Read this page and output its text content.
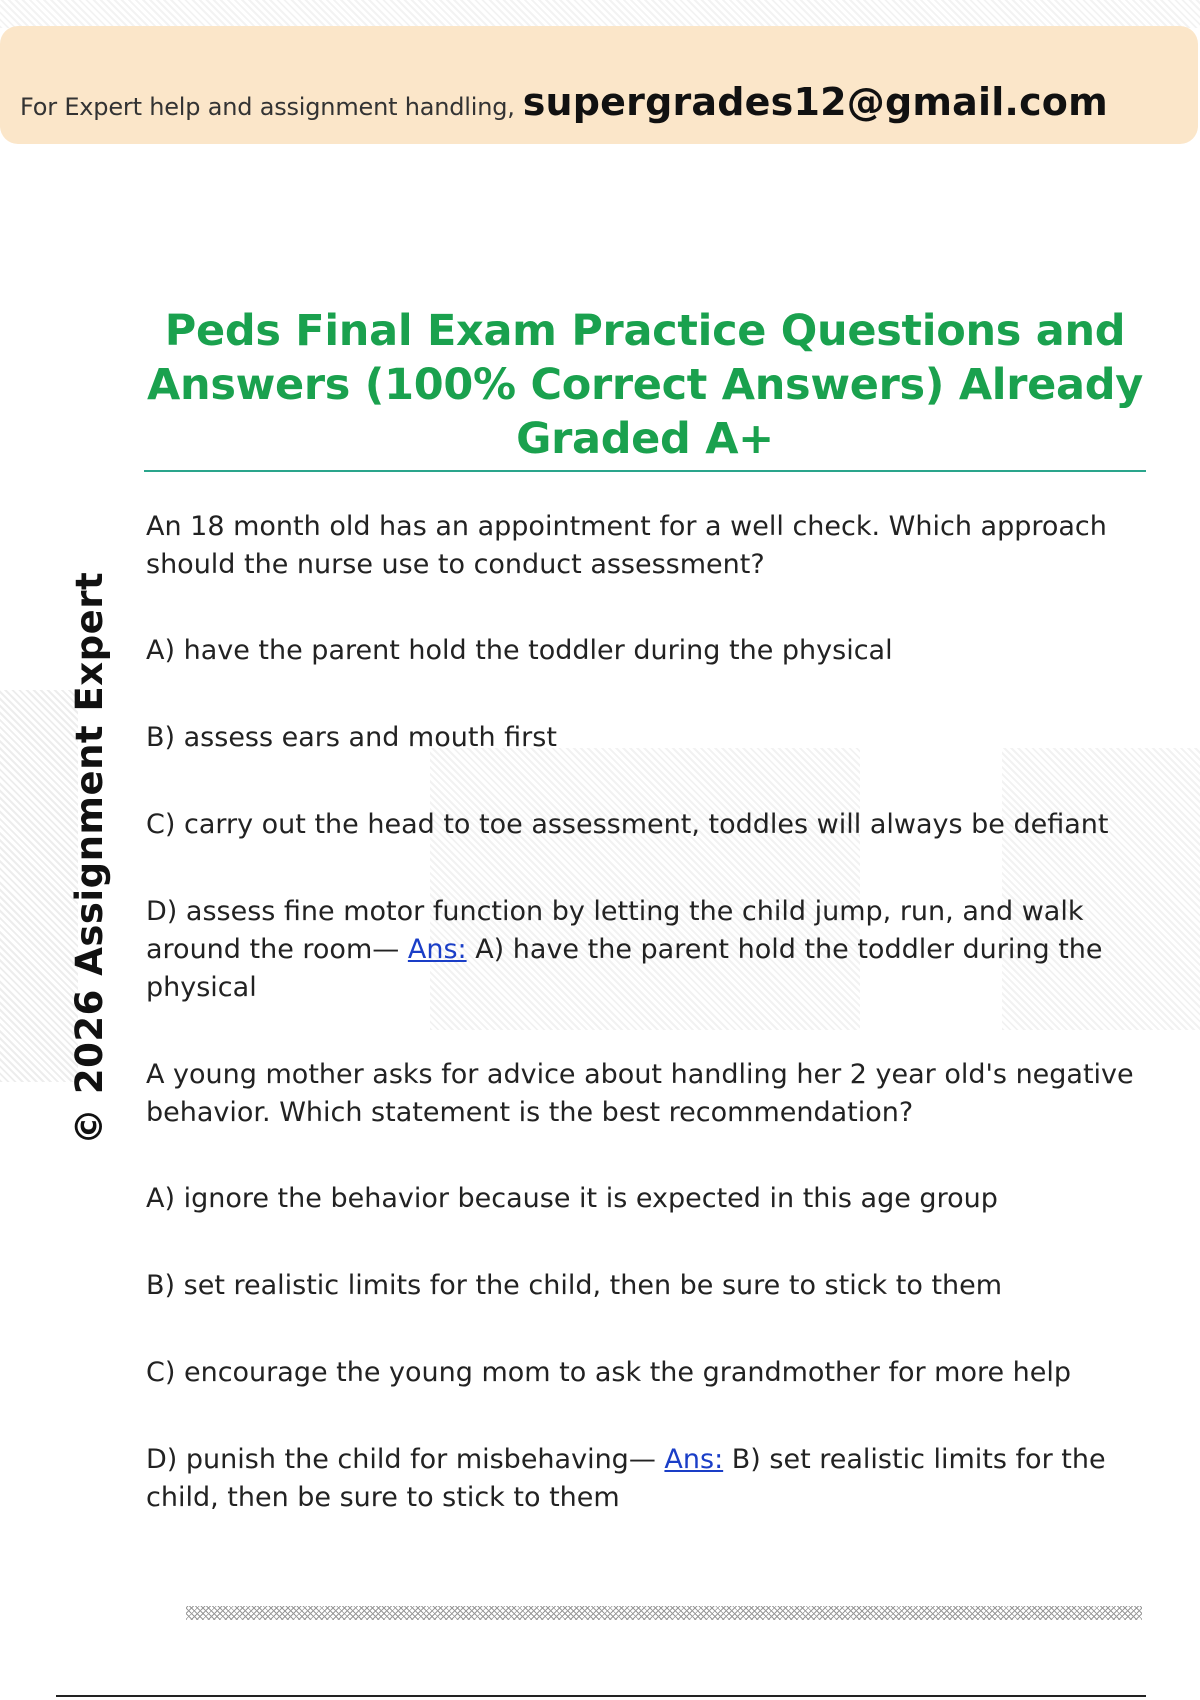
For Expert help and assignment handling, supergrades12@gmail.com
© 2026 Assignment Expert
Peds Final Exam Practice Questions and Answers (100% Correct Answers) Already Graded A+
An 18 month old has an appointment for a well check. Which approach should the nurse use to conduct assessment?
A) have the parent hold the toddler during the physical
B) assess ears and mouth first
C) carry out the head to toe assessment, toddles will always be defiant
D) assess fine motor function by letting the child jump, run, and walk around the room— Ans: A) have the parent hold the toddler during the physical
A young mother asks for advice about handling her 2 year old's negative behavior. Which statement is the best recommendation?
A) ignore the behavior because it is expected in this age group
B) set realistic limits for the child, then be sure to stick to them
C) encourage the young mom to ask the grandmother for more help
D) punish the child for misbehaving— Ans: B) set realistic limits for the child, then be sure to stick to them
